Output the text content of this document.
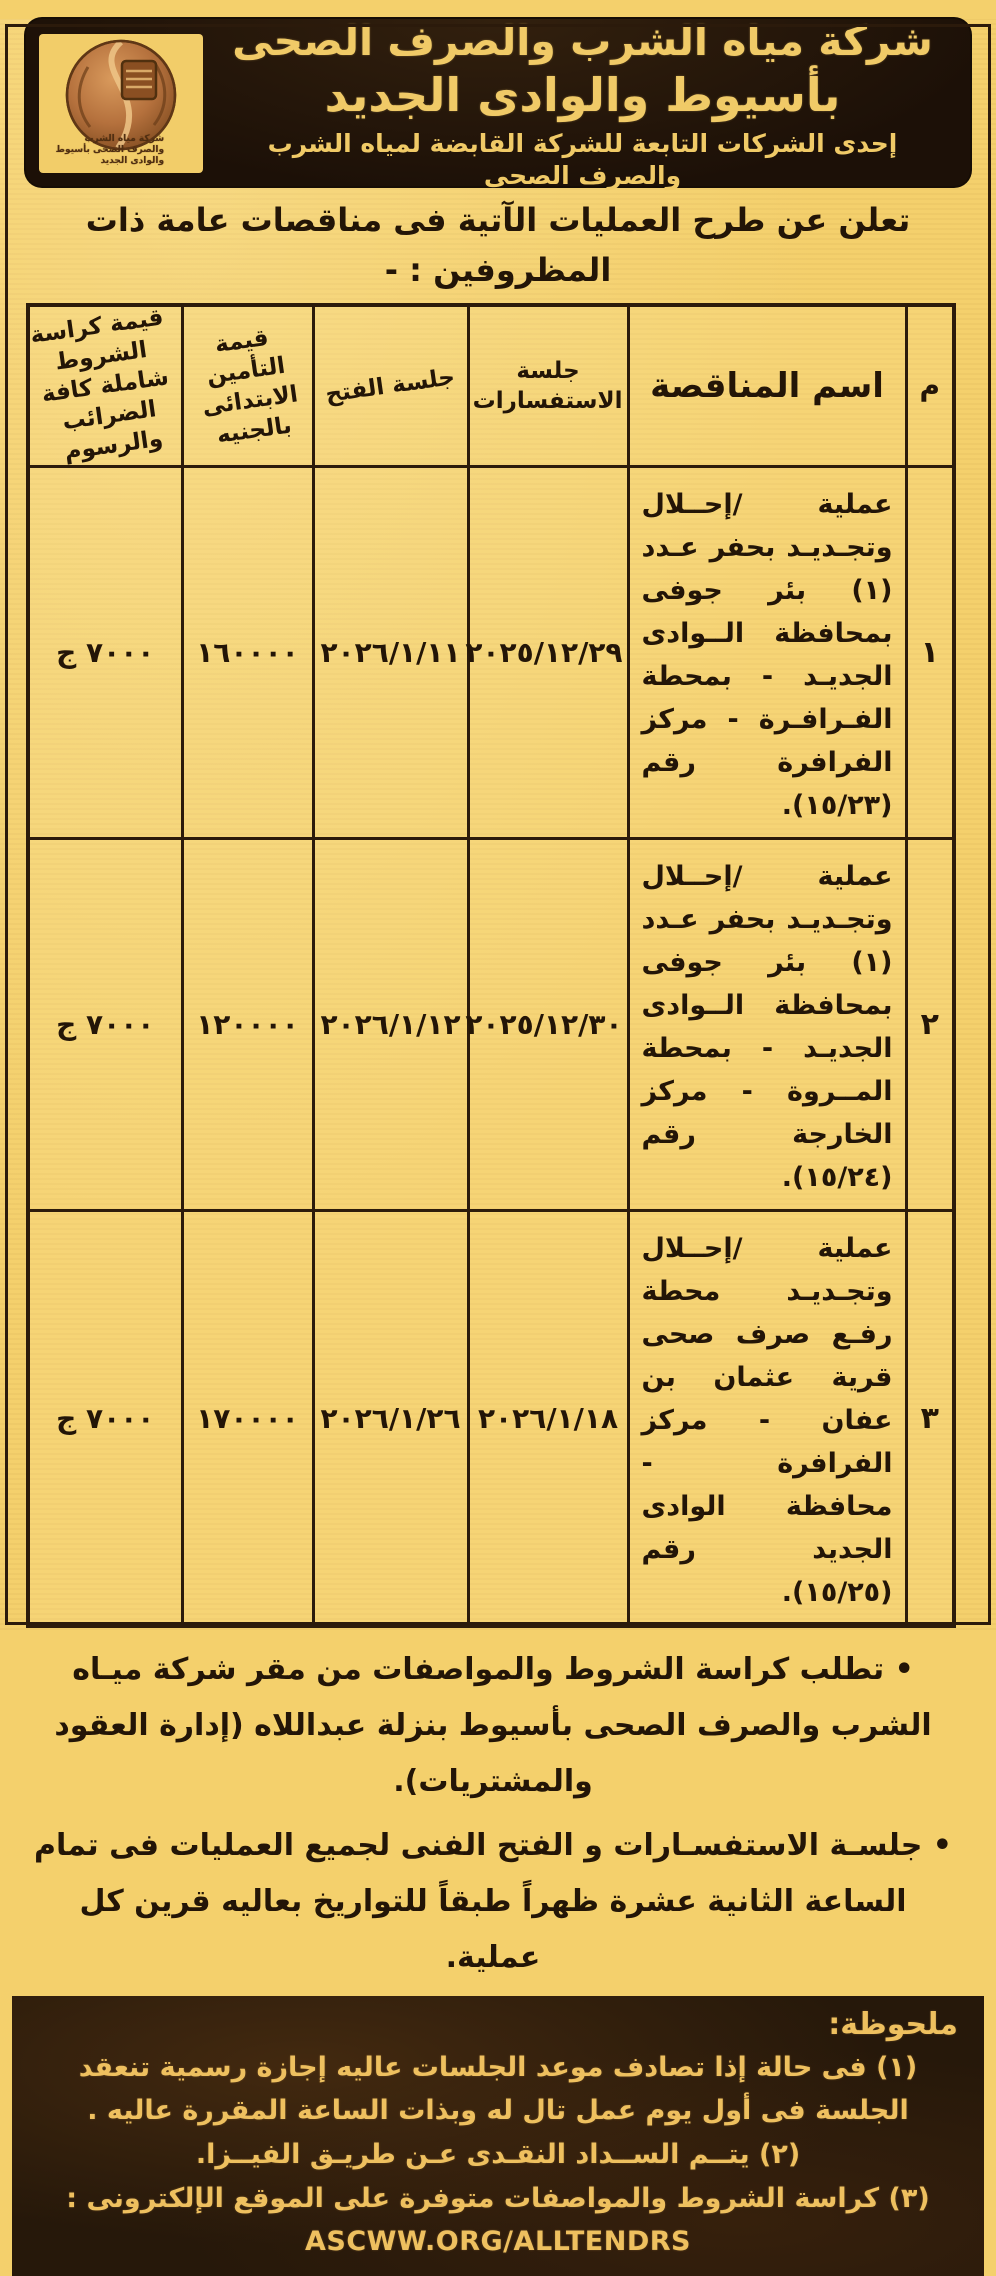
شركة مياه الشرب
والصرف الصحى بأسيوط
والوادى الجديد
شركة مياه الشرب والصرف الصحى
بأسيوط والوادى الجديد
إحدى الشركات التابعة للشركة القابضة لمياه الشرب والصرف الصحى
تعلن عن طرح العمليات الآتية فى مناقصات عامة ذات المظروفين : -
م	اسم المناقصة	جلسة الاستفسارات	جلسة الفتح	قيمة التأمين الابتدائى بالجنيه	قيمة كراسة الشروط شاملة كافة الضرائب والرسوم
١	عملية /إحــلال وتجـديـد بحفر عـدد (١) بئر جوفى بمحافظة الــوادى الجديـد - بمحطة الفـرافـرة - مركز الفرافرة رقم (١٥/٢٣).	٢٠٢٥/١٢/٢٩	٢٠٢٦/١/١١	١٦٠٠٠٠	٧٠٠٠ ج
٢	عملية /إحــلال وتجـديـد بحفر عـدد (١) بئر جوفى بمحافظة الــوادى الجديـد - بمحطة المــروة - مركز الخارجة رقم (١٥/٢٤).	٢٠٢٥/١٢/٣٠	٢٠٢٦/١/١٢	١٢٠٠٠٠	٧٠٠٠ ج
٣	عملية /إحــلال وتجـديـد محطة رفـع صرف صحى قرية عثمان بن عفان - مركز الفرافرة - محافظة الوادى الجديد رقم (١٥/٢٥).	٢٠٢٦/١/١٨	٢٠٢٦/١/٢٦	١٧٠٠٠٠	٧٠٠٠ ج

• تطلب كراسة الشروط والمواصفات من مقر شركة ميـاه الشرب والصرف الصحى بأسيوط بنزلة عبداللاه (إدارة العقود والمشتريات).

• جلسـة الاستفسـارات و الفتح الفنى لجميع العمليات فى تمام الساعة الثانية عشرة ظهراً طبقاً للتواريخ بعاليه قرين كل عملية.

ملحوظة:

(١) فى حالة إذا تصادف موعد الجلسات عاليه إجازة رسمية تنعقد الجلسة فى أول يوم عمل تال له وبذات الساعة المقررة عاليه .

(٢) يتــم الســداد النقـدى عـن طريـق الفيــزا.

(٣) كراسة الشروط والمواصفات متوفرة على الموقع الإلكترونى : ASCWW.ORG/ALLTENDRS
